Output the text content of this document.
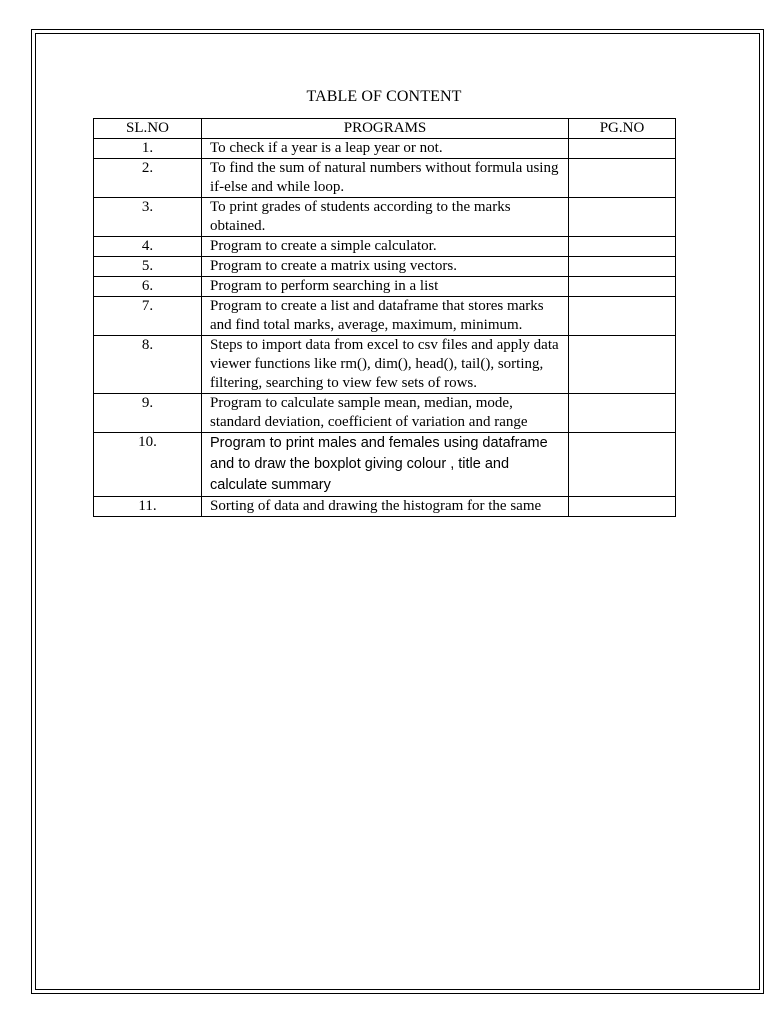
TABLE OF CONTENT
SL.NO	PROGRAMS	PG.NO
1.	To check if a year is a leap year or not.	
2.	To find the sum of natural numbers without formula using if-else and while loop.	
3.	To print grades of students according to the marks obtained.	
4.	Program to create a simple calculator.	
5.	Program to create a matrix using vectors.	
6.	Program to perform searching in a list	
7.	Program to create a list and dataframe that stores marks and find total marks, average, maximum, minimum.	
8.	Steps to import data from excel to csv files and apply data viewer functions like rm(), dim(), head(), tail(), sorting, filtering, searching to view few sets of rows.	
9.	Program to calculate sample mean, median, mode, standard deviation, coefficient of variation and range	
10.	Program to print males and females using dataframe and to draw the boxplot giving colour , title and calculate summary	
11.	Sorting of data and drawing the histogram for the same	
